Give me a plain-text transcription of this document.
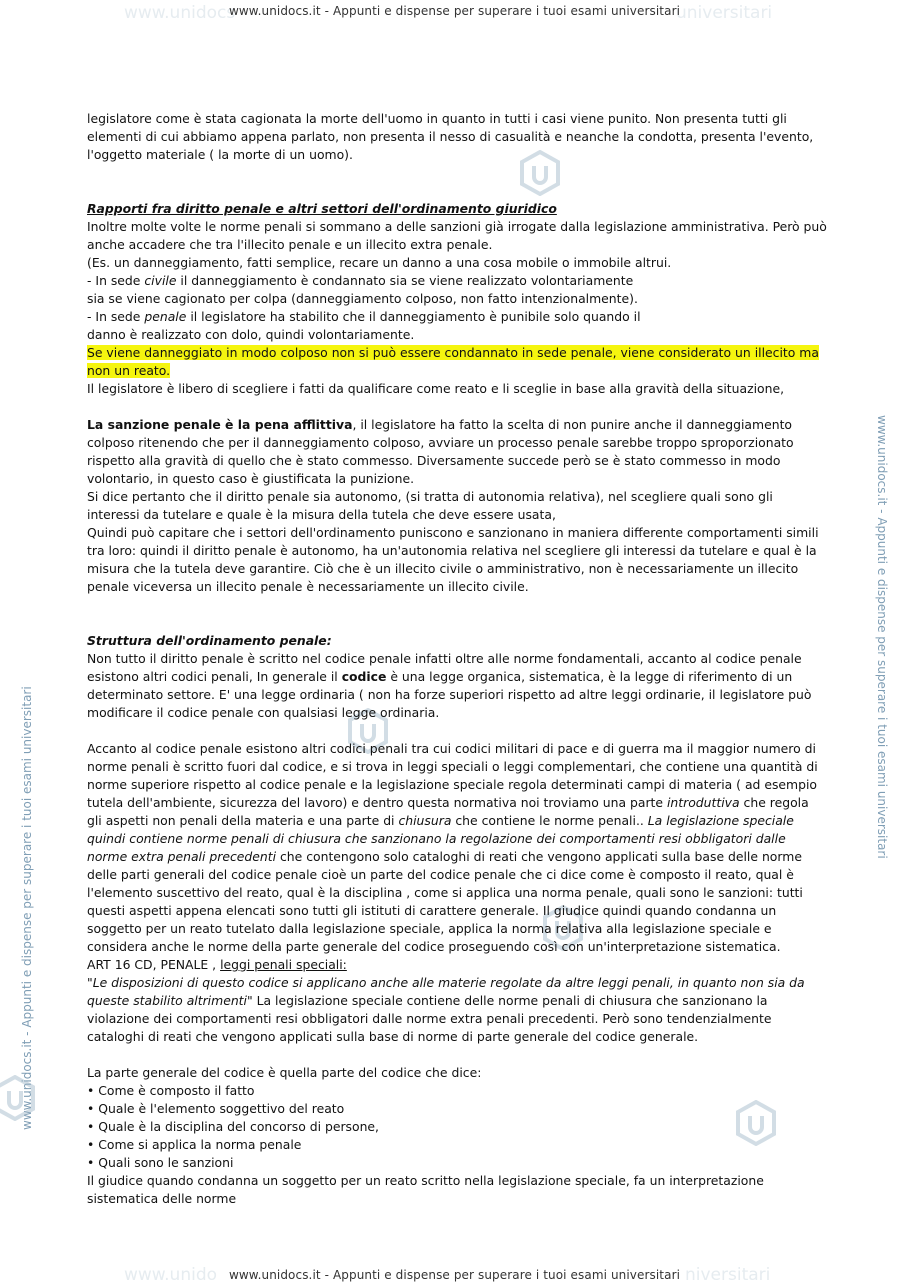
www.unidocs	universitari
www.unido	niversitari
www.unidocs.it - Appunti e dispense per superare i tuoi esami universitari
www.unidocs.it - Appunti e dispense per superare i tuoi esami universitari
www.unidocs.it - Appunti e dispense per superare i tuoi esami universitari
www.unidocs.it - Appunti e dispense per superare i tuoi esami universitari

legislatore come è stata cagionata la morte dell'uomo in quanto in tutti i casi viene punito. Non presenta tutti gli elementi di cui abbiamo appena parlato, non presenta il nesso di casualità e neanche la condotta, presenta l'evento, l'oggetto materiale ( la morte di un uomo).

Rapporti fra diritto penale e altri settori dell'ordinamento giuridico

Inoltre molte volte le norme penali si sommano a delle sanzioni già irrogate dalla legislazione amministrativa. Però può

anche accadere che tra l'illecito penale e un illecito extra penale.

(Es. un danneggiamento, fatti semplice, recare un danno a una cosa mobile o immobile altrui.

- In sede civile il danneggiamento è condannato sia se viene realizzato volontariamente

sia se viene cagionato per colpa (danneggiamento colposo, non fatto intenzionalmente).

- In sede penale il legislatore ha stabilito che il danneggiamento è punibile solo quando il

danno è realizzato con dolo, quindi volontariamente.

Se viene danneggiato in modo colposo non si può essere condannato in sede penale, viene considerato un illecito ma non un reato.

Il legislatore è libero di scegliere i fatti da qualificare come reato e li sceglie in base alla gravità della situazione,

La sanzione penale è la pena afflittiva, il legislatore ha fatto la scelta di non punire anche il danneggiamento colposo ritenendo che per il danneggiamento colposo, avviare un processo penale sarebbe troppo sproporzionato rispetto alla gravità di quello che è stato commesso. Diversamente succede però se è stato commesso in modo volontario, in questo caso è giustificata la punizione.

Si dice pertanto che il diritto penale sia autonomo, (si tratta di autonomia relativa), nel scegliere quali sono gli interessi da tutelare e quale è la misura della tutela che deve essere usata,

Quindi può capitare che i settori dell'ordinamento puniscono e sanzionano in maniera differente comportamenti simili tra loro: quindi il diritto penale è autonomo, ha un'autonomia relativa nel scegliere gli interessi da tutelare e qual è la misura che la tutela deve garantire. Ciò che è un illecito civile o amministrativo, non è necessariamente un illecito penale viceversa un illecito penale è necessariamente un illecito civile.

Struttura dell'ordinamento penale:

Non tutto il diritto penale è scritto nel codice penale infatti oltre alle norme fondamentali, accanto al codice penale esistono altri codici penali, In generale il codice è una legge organica, sistematica, è la legge di riferimento di un determinato settore. E' una legge ordinaria ( non ha forze superiori rispetto ad altre leggi ordinarie, il legislatore può modificare il codice penale con qualsiasi legge ordinaria.

Accanto al codice penale esistono altri codici penali tra cui codici militari di pace e di guerra ma il maggior numero di norme penali è scritto fuori dal codice, e si trova in leggi speciali o leggi complementari, che contiene una quantità di norme superiore rispetto al codice penale e la legislazione speciale regola determinati campi di materia ( ad esempio tutela dell'ambiente, sicurezza del lavoro) e dentro questa normativa noi troviamo una parte introduttiva che regola gli aspetti non penali della materia e una parte di chiusura che contiene le norme penali.. La legislazione speciale quindi contiene norme penali di chiusura che sanzionano la regolazione dei comportamenti resi obbligatori dalle norme extra penali precedenti che contengono solo cataloghi di reati che vengono applicati sulla base delle norme delle parti generali del codice penale cioè un parte del codice penale che ci dice come è composto il reato, qual è l'elemento suscettivo del reato, qual è la disciplina , come si applica una norma penale, quali sono le sanzioni: tutti questi aspetti appena elencati sono tutti gli istituti di carattere generale. Il giudice quindi quando condanna un soggetto per un reato tutelato dalla legislazione speciale, applica la norma relativa alla legislazione speciale e considera anche le norme della parte generale del codice proseguendo così con un'interpretazione sistematica.

ART 16 CD, PENALE , leggi penali speciali:

"Le disposizioni di questo codice si applicano anche alle materie regolate da altre leggi penali, in quanto non sia da queste stabilito altrimenti" La legislazione speciale contiene delle norme penali di chiusura che sanzionano la violazione dei comportamenti resi obbligatori dalle norme extra penali precedenti. Però sono tendenzialmente cataloghi di reati che vengono applicati sulla base di norme di parte generale del codice generale.

La parte generale del codice è quella parte del codice che dice:

• Come è composto il fatto

• Quale è l'elemento soggettivo del reato

• Quale è la disciplina del concorso di persone,

• Come si applica la norma penale

• Quali sono le sanzioni

Il giudice quando condanna un soggetto per un reato scritto nella legislazione speciale, fa un interpretazione sistematica delle norme
